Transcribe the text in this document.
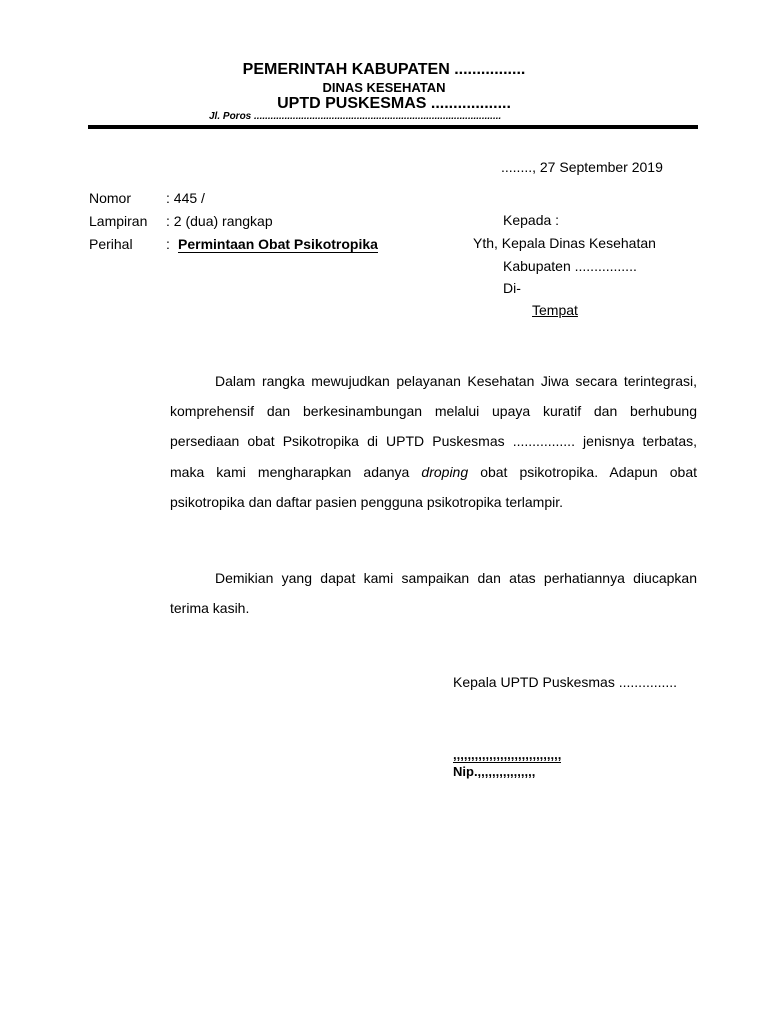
PEMERINTAH KABUPATEN ................
DINAS KESEHATAN
UPTD PUSKESMAS ..................
Jl. Poros .........................................................................................
........, 27 September 2019
Nomor : 445 /
Lampiran : 2 (dua) rangkap
Perihal : Permintaan Obat Psikotropika
Kepada :
Yth, Kepala Dinas Kesehatan
Kabupaten ................
Di-
Tempat

Dalam rangka mewujudkan pelayanan Kesehatan Jiwa secara terintegrasi, komprehensif dan berkesinambungan melalui upaya kuratif dan berhubung persediaan obat Psikotropika di UPTD Puskesmas ................ jenisnya terbatas, maka kami mengharapkan adanya droping obat psikotropika. Adapun obat psikotropika dan daftar pasien pengguna psikotropika terlampir.

Demikian yang dapat kami sampaikan dan atas perhatiannya diucapkan terima kasih.

Kepala UPTD Puskesmas ...............
,,,,,,,,,,,,,,,,,,,,,,,,,,,,,,
Nip.,,,,,,,,,,,,,,,,
